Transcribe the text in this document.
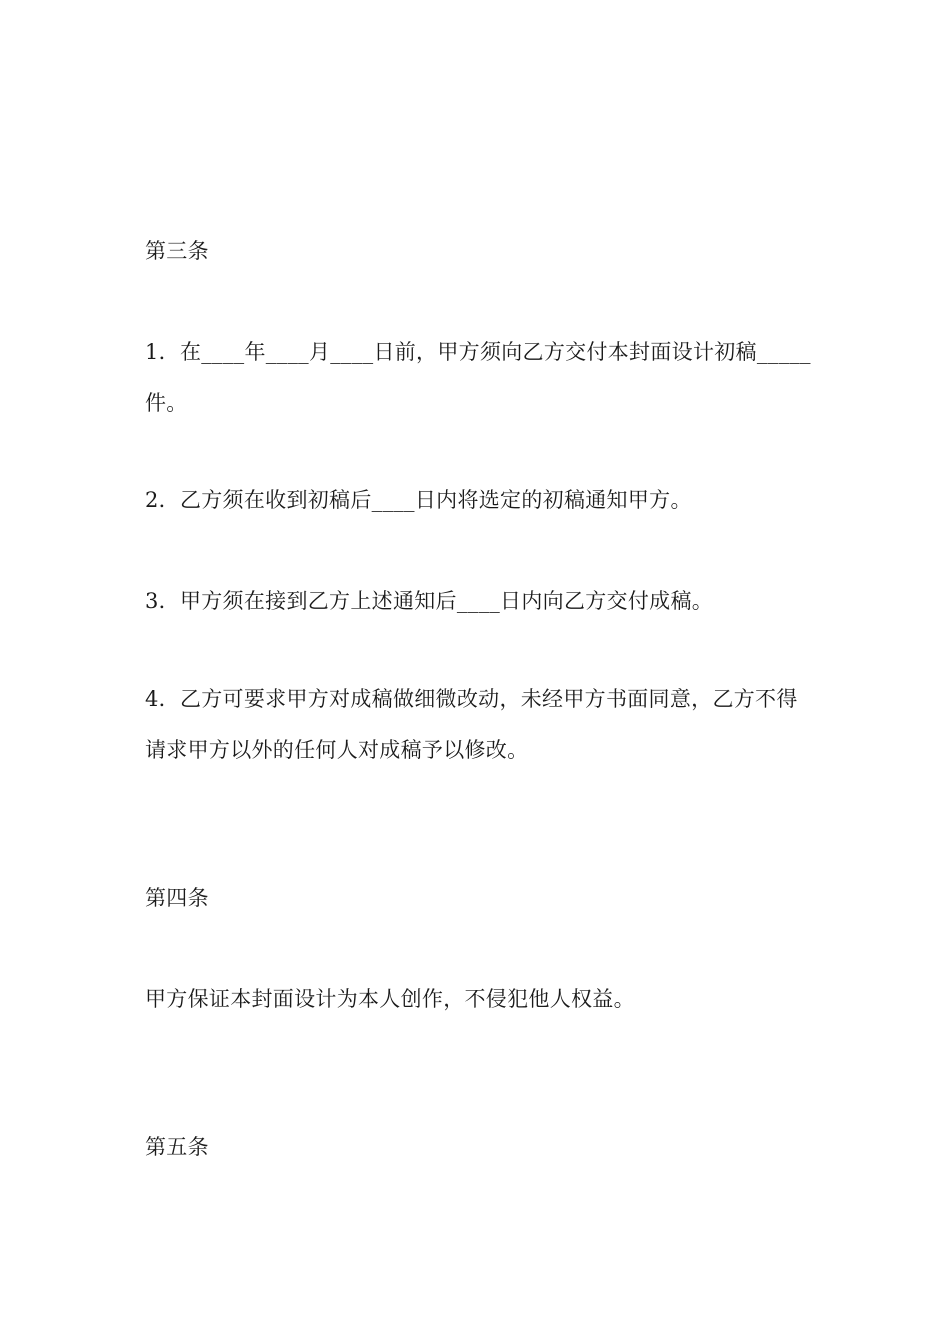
第三条

1．在____年____月____日前，甲方须向乙方交付本封面设计初稿_____件。

2．乙方须在收到初稿后____日内将选定的初稿通知甲方。

3．甲方须在接到乙方上述通知后____日内向乙方交付成稿。

4．乙方可要求甲方对成稿做细微改动，未经甲方书面同意，乙方不得请求甲方以外的任何人对成稿予以修改。

第四条

甲方保证本封面设计为本人创作，不侵犯他人权益。

第五条
